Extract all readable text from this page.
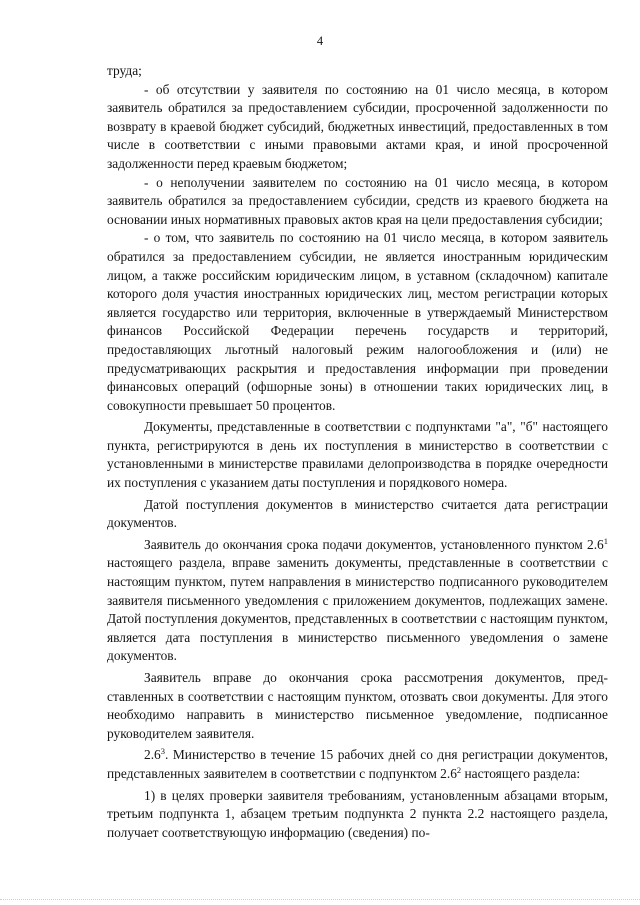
4

труда;

- об отсутствии у заявителя по состоянию на 01 число месяца, в котором заявитель обратился за предоставлением субсидии, просроченной задолженности по возврату в краевой бюджет субсидий, бюджетных инвестиций, предоставленных в том числе в соответствии с иными правовыми актами края, и иной просроченной задолженности перед краевым бюджетом;

- о неполучении заявителем по состоянию на 01 число месяца, в котором заявитель обратился за предоставлением субсидии, средств из краевого бюджета на основании иных нормативных правовых актов края на цели предоставления субсидии;

- о том, что заявитель по состоянию на 01 число месяца, в котором заявитель обратился за предоставлением субсидии, не является иностранным юридическим лицом, а также российским юридическим лицом, в уставном (складочном) капитале которого доля участия иностранных юридических лиц, местом регистрации которых является государство или территория, включенные в утверждаемый Министерством финансов Российской Федерации перечень государств и территорий, предоставляющих льготный налоговый режим налогообложения и (или) не предусматривающих раскрытия и предоставления информации при проведении финансовых операций (офшорные зоны) в отношении таких юридических лиц, в совокупности превышает 50 процентов.

Документы, представленные в соответствии с подпунктами "а", "б" настоящего пункта, регистрируются в день их поступления в министерство в соответствии с установленными в министерстве правилами делопроизводства в порядке очередности их поступления с указанием даты поступления и порядкового номера.

Датой поступления документов в министерство считается дата регистрации документов.

Заявитель до окончания срока подачи документов, установленного пунктом $2.6^1$ настоящего раздела, вправе заменить документы, представленные в соответствии с настоящим пунктом, путем направления в министерство подписанного руководителем заявителя письменного уведомления с приложением документов, подлежащих замене. Датой поступления документов, представленных в соответствии с настоящим пунктом, является дата поступления в министерство письменного уведомления о замене документов.

Заявитель вправе до окончания срока рассмотрения документов, представленных в соответствии с настоящим пунктом, отозвать свои документы. Для этого необходимо направить в министерство письменное уведомление, подписанное руководителем заявителя.

$2.6^3$. Министерство в течение 15 рабочих дней со дня регистрации документов, представленных заявителем в соответствии с подпунктом $2.6^2$ настоящего раздела:

1) в целях проверки заявителя требованиям, установленным абзацами вторым, третьим подпункта 1, абзацем третьим подпункта 2 пункта 2.2 настоящего раздела, получает соответствующую информацию (сведения) по-
